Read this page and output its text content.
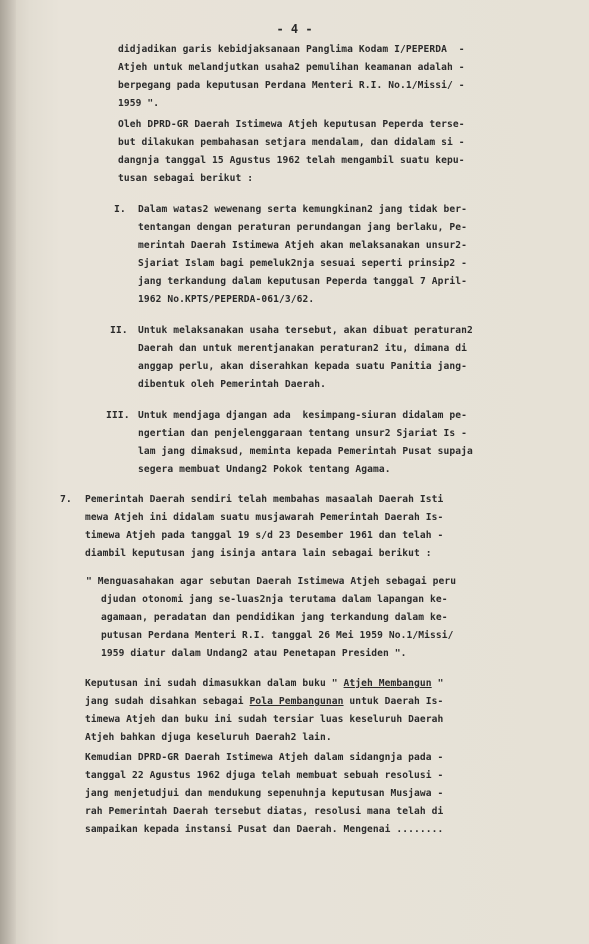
- 4 -
didjadikan garis kebidjaksanaan Panglima Kodam I/PEPERDA  -
Atjeh untuk melandjutkan usaha2 pemulihan keamanan adalah -
berpegang pada keputusan Perdana Menteri R.I. No.1/Missi/ -
1959 ".
Oleh DPRD-GR Daerah Istimewa Atjeh keputusan Peperda terse-
but dilakukan pembahasan setjara mendalam, dan didalam si -
dangnja tanggal 15 Agustus 1962 telah mengambil suatu kepu-
tusan sebagai berikut :
I. Dalam watas2 wewenang serta kemungkinan2 jang tidak ber-
tentangan dengan peraturan perundangan jang berlaku, Pe-
merintah Daerah Istimewa Atjeh akan melaksanakan unsur2-
Sjariat Islam bagi pemeluk2nja sesuai seperti prinsip2 -
jang terkandung dalam keputusan Peperda tanggal 7 April-
1962 No.KPTS/PEPERDA-061/3/62.
II. Untuk melaksanakan usaha tersebut, akan dibuat peraturan2
Daerah dan untuk merentjanakan peraturan2 itu, dimana di
anggap perlu, akan diserahkan kepada suatu Panitia jang-
dibentuk oleh Pemerintah Daerah.
III. Untuk mendjaga djangan ada  kesimpang-siuran didalam pe-
ngertian dan penjelenggaraan tentang unsur2 Sjariat Is -
lam jang dimaksud, meminta kepada Pemerintah Pusat supaja
segera membuat Undang2 Pokok tentang Agama.
7. Pemerintah Daerah sendiri telah membahas masaalah Daerah Isti
mewa Atjeh ini didalam suatu musjawarah Pemerintah Daerah Is-
timewa Atjeh pada tanggal 19 s/d 23 Desember 1961 dan telah -
diambil keputusan jang isinja antara lain sebagai berikut :
" Menguasahakan agar sebutan Daerah Istimewa Atjeh sebagai peru
djudan otonomi jang se-luas2nja terutama dalam lapangan ke-
agamaan, peradatan dan pendidikan jang terkandung dalam ke-
putusan Perdana Menteri R.I. tanggal 26 Mei 1959 No.1/Missi/
1959 diatur dalam Undang2 atau Penetapan Presiden ".
Keputusan ini sudah dimasukkan dalam buku " Atjeh Membangun "
jang sudah disahkan sebagai Pola Pembangunan untuk Daerah Is-
timewa Atjeh dan buku ini sudah tersiar luas keseluruh Daerah
Atjeh bahkan djuga keseluruh Daerah2 lain.
Kemudian DPRD-GR Daerah Istimewa Atjeh dalam sidangnja pada -
tanggal 22 Agustus 1962 djuga telah membuat sebuah resolusi -
jang menjetudjui dan mendukung sepenuhnja keputusan Musjawa -
rah Pemerintah Daerah tersebut diatas, resolusi mana telah di
sampaikan kepada instansi Pusat dan Daerah. Mengenai ........
